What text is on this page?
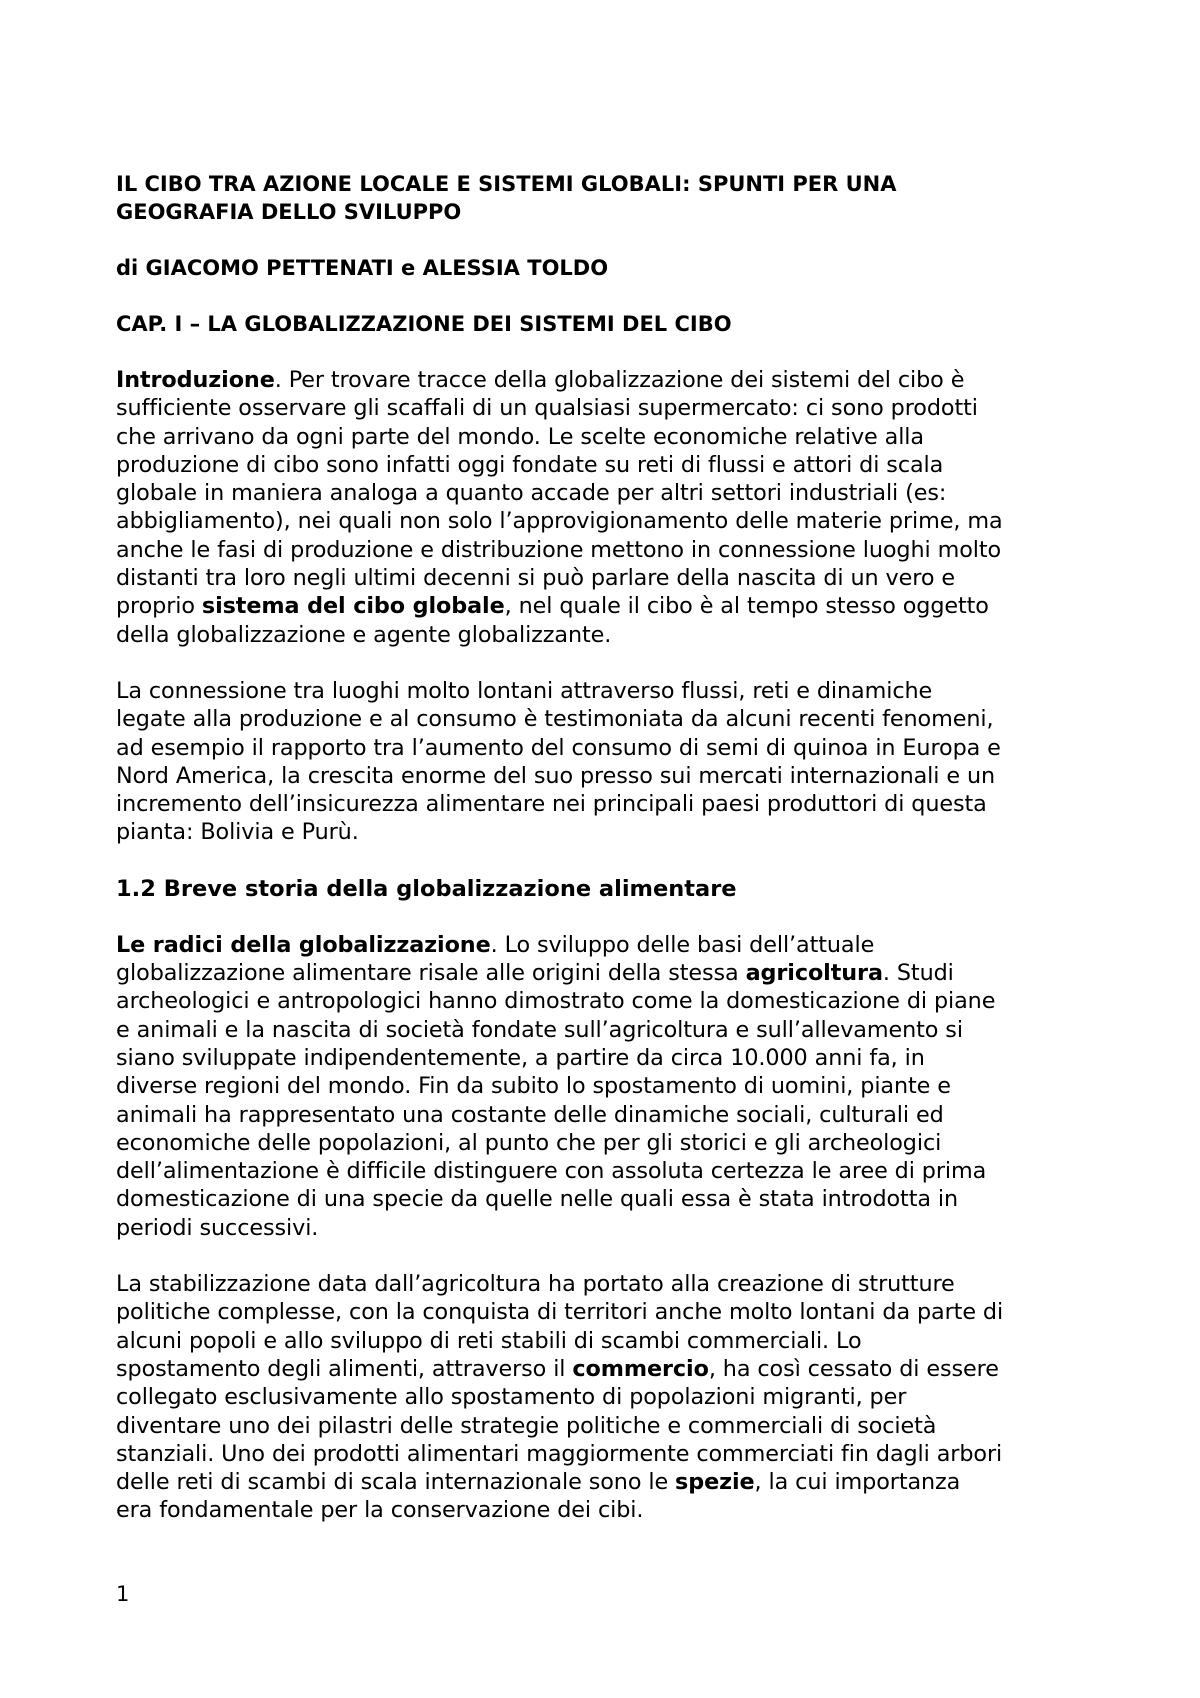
IL CIBO TRA AZIONE LOCALE E SISTEMI GLOBALI: SPUNTI PER UNA
GEOGRAFIA DELLO SVILUPPO
di GIACOMO PETTENATI e ALESSIA TOLDO
CAP. I – LA GLOBALIZZAZIONE DEI SISTEMI DEL CIBO

Introduzione. Per trovare tracce della globalizzazione dei sistemi del cibo è
sufficiente osservare gli scaffali di un qualsiasi supermercato: ci sono prodotti
che arrivano da ogni parte del mondo. Le scelte economiche relative alla
produzione di cibo sono infatti oggi fondate su reti di flussi e attori di scala
globale in maniera analoga a quanto accade per altri settori industriali (es:
abbigliamento), nei quali non solo l’approvigionamento delle materie prime, ma
anche le fasi di produzione e distribuzione mettono in connessione luoghi molto
distanti tra loro negli ultimi decenni si può parlare della nascita di un vero e
proprio sistema del cibo globale, nel quale il cibo è al tempo stesso oggetto
della globalizzazione e agente globalizzante.

La connessione tra luoghi molto lontani attraverso flussi, reti e dinamiche
legate alla produzione e al consumo è testimoniata da alcuni recenti fenomeni,
ad esempio il rapporto tra l’aumento del consumo di semi di quinoa in Europa e
Nord America, la crescita enorme del suo presso sui mercati internazionali e un
incremento dell’insicurezza alimentare nei principali paesi produttori di questa
pianta: Bolivia e Purù.

1.2 Breve storia della globalizzazione alimentare

Le radici della globalizzazione. Lo sviluppo delle basi dell’attuale
globalizzazione alimentare risale alle origini della stessa agricoltura. Studi
archeologici e antropologici hanno dimostrato come la domesticazione di piane
e animali e la nascita di società fondate sull’agricoltura e sull’allevamento si
siano sviluppate indipendentemente, a partire da circa 10.000 anni fa, in
diverse regioni del mondo. Fin da subito lo spostamento di uomini, piante e
animali ha rappresentato una costante delle dinamiche sociali, culturali ed
economiche delle popolazioni, al punto che per gli storici e gli archeologici
dell’alimentazione è difficile distinguere con assoluta certezza le aree di prima
domesticazione di una specie da quelle nelle quali essa è stata introdotta in
periodi successivi.

La stabilizzazione data dall’agricoltura ha portato alla creazione di strutture
politiche complesse, con la conquista di territori anche molto lontani da parte di
alcuni popoli e allo sviluppo di reti stabili di scambi commerciali. Lo
spostamento degli alimenti, attraverso il commercio, ha così cessato di essere
collegato esclusivamente allo spostamento di popolazioni migranti, per
diventare uno dei pilastri delle strategie politiche e commerciali di società
stanziali. Uno dei prodotti alimentari maggiormente commerciati fin dagli arbori
delle reti di scambi di scala internazionale sono le spezie, la cui importanza
era fondamentale per la conservazione dei cibi.

1
